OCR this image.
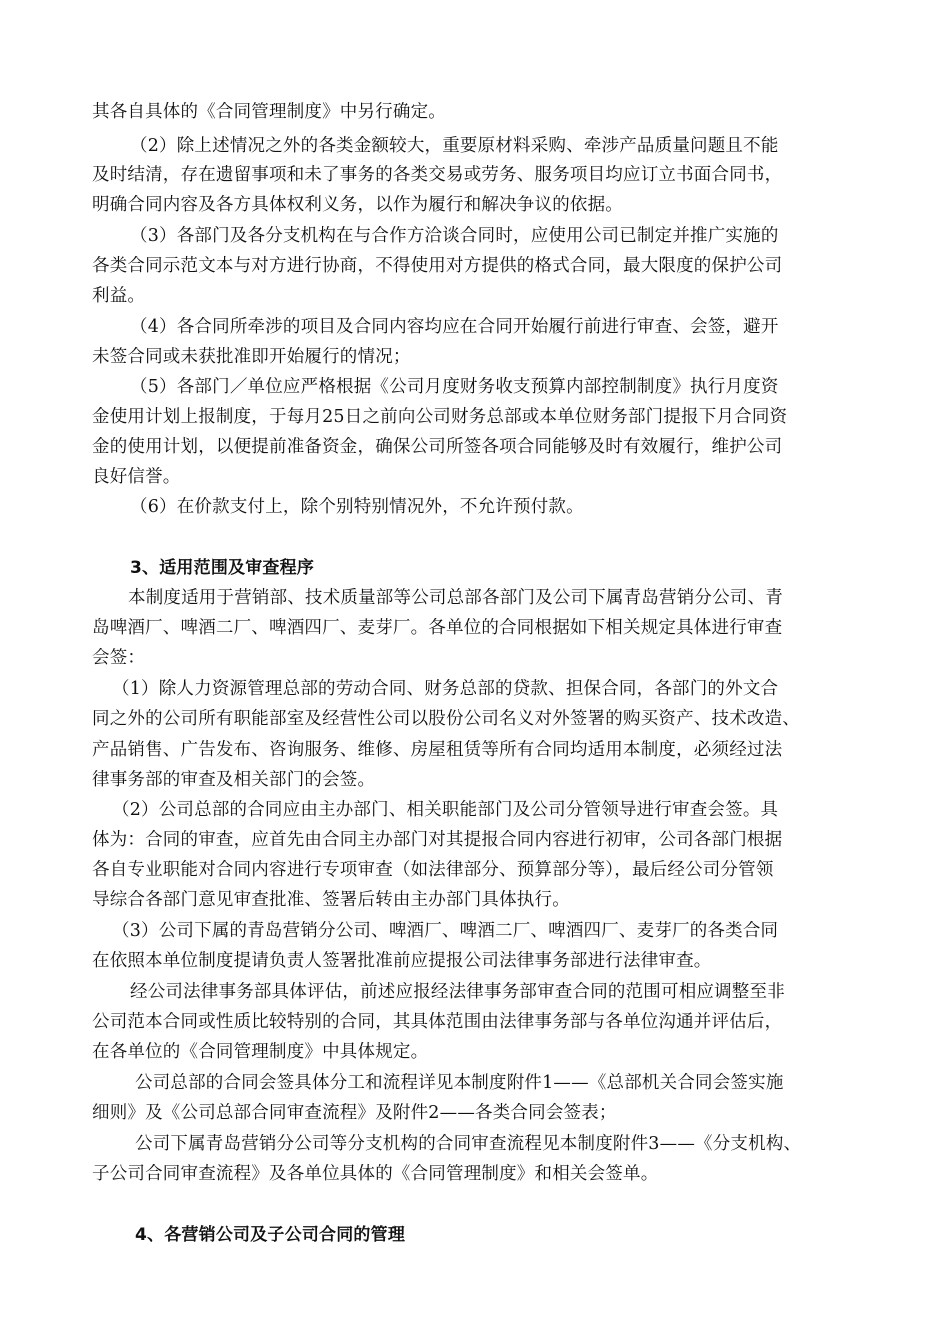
其各自具体的《合同管理制度》中另行确定。
（2）除上述情况之外的各类金额较大，重要原材料采购、牵涉产品质量问题且不能
及时结清，存在遗留事项和未了事务的各类交易或劳务、服务项目均应订立书面合同书，
明确合同内容及各方具体权利义务，以作为履行和解决争议的依据。
（3）各部门及各分支机构在与合作方洽谈合同时，应使用公司已制定并推广实施的
各类合同示范文本与对方进行协商，不得使用对方提供的格式合同，最大限度的保护公司
利益。
（4）各合同所牵涉的项目及合同内容均应在合同开始履行前进行审查、会签，避开
未签合同或未获批准即开始履行的情况；
（5）各部门／单位应严格根据《公司月度财务收支预算内部控制制度》执行月度资
金使用计划上报制度，于每月25日之前向公司财务总部或本单位财务部门提报下月合同资
金的使用计划，以便提前准备资金，确保公司所签各项合同能够及时有效履行，维护公司
良好信誉。
（6）在价款支付上，除个别特别情况外，不允许预付款。
3、适用范围及审查程序
本制度适用于营销部、技术质量部等公司总部各部门及公司下属青岛营销分公司、青
岛啤酒厂、啤酒二厂、啤酒四厂、麦芽厂。各单位的合同根据如下相关规定具体进行审查
会签：
（1）除人力资源管理总部的劳动合同、财务总部的贷款、担保合同，各部门的外文合
同之外的公司所有职能部室及经营性公司以股份公司名义对外签署的购买资产、技术改造、
产品销售、广告发布、咨询服务、维修、房屋租赁等所有合同均适用本制度，必须经过法
律事务部的审查及相关部门的会签。
（2）公司总部的合同应由主办部门、相关职能部门及公司分管领导进行审查会签。具
体为：合同的审查，应首先由合同主办部门对其提报合同内容进行初审，公司各部门根据
各自专业职能对合同内容进行专项审查（如法律部分、预算部分等），最后经公司分管领
导综合各部门意见审查批准、签署后转由主办部门具体执行。
（3）公司下属的青岛营销分公司、啤酒厂、啤酒二厂、啤酒四厂、麦芽厂的各类合同
在依照本单位制度提请负责人签署批准前应提报公司法律事务部进行法律审查。
经公司法律事务部具体评估，前述应报经法律事务部审查合同的范围可相应调整至非
公司范本合同或性质比较特别的合同，其具体范围由法律事务部与各单位沟通并评估后，
在各单位的《合同管理制度》中具体规定。
公司总部的合同会签具体分工和流程详见本制度附件1——《总部机关合同会签实施
细则》及《公司总部合同审查流程》及附件2——各类合同会签表；
公司下属青岛营销分公司等分支机构的合同审查流程见本制度附件3——《分支机构、
子公司合同审查流程》及各单位具体的《合同管理制度》和相关会签单。
4、各营销公司及子公司合同的管理
